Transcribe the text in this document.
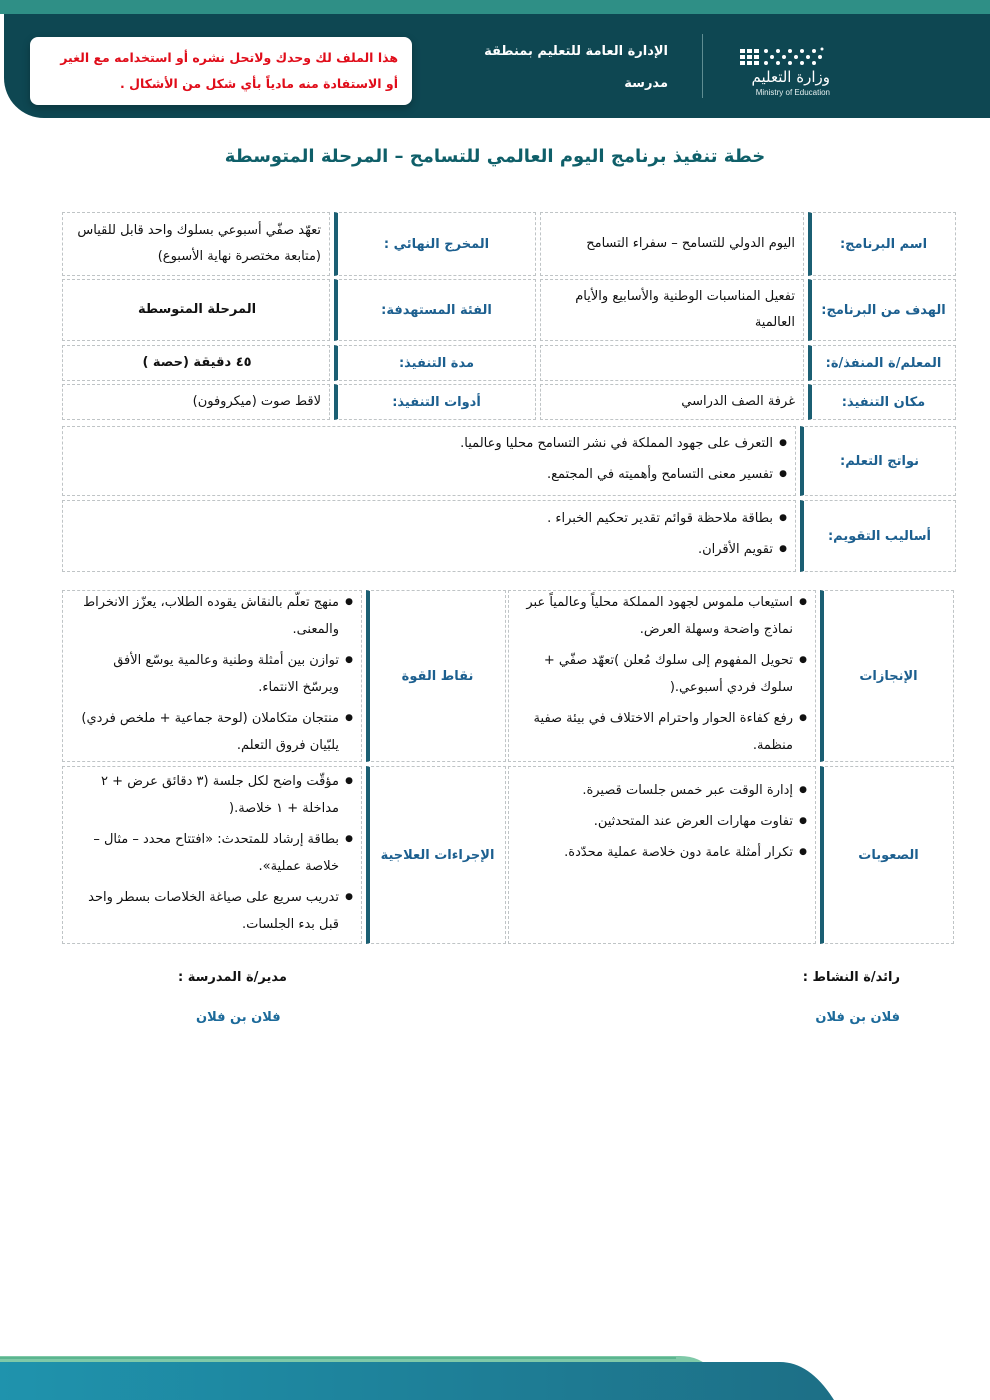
وزارة التعليم
Ministry of Education
الإدارة العامة للتعليم بمنطقة
مدرسة
هذا الملف لك وحدك ولاتحل نشره أو استخدامه مع الغير
أو الاستفادة منه مادياً بأي شكل من الأشكال .
خطة تنفيذ برنامج اليوم العالمي للتسامح – المرحلة المتوسطة
اسم البرنامج:
اليوم الدولي للتسامح – سفراء التسامح
المخرج النهائي :
تعهّد صفّي أسبوعي بسلوك واحد قابل للقياس (متابعة مختصرة نهاية الأسبوع)
الهدف من البرنامج:
تفعيل المناسبات الوطنية والأسابيع والأيام العالمية
الفئة المستهدفة:
المرحلة المتوسطة
المعلم/ة المنفذ/ة:
مدة التنفيذ:
٤٥ دقيقة (حصة )
مكان التنفيذ:
غرفة الصف الدراسي
أدوات التنفيذ:
لاقط صوت (ميكروفون)
نواتج التعلم:
● التعرف على جهود المملكة في نشر التسامح محليا وعالميا.
● تفسير معنى التسامح وأهميته في المجتمع.
أساليب التقويم:
● بطاقة ملاحظة قوائم تقدير تحكيم الخبراء .
● تقويم الأقران.
الإنجازات
● استيعاب ملموس لجهود المملكة محلياً وعالمياً عبر نماذج واضحة وسهلة العرض.
● تحويل المفهوم إلى سلوك مُعلن )تعهّد صفّي + سلوك فردي أسبوعي.(
● رفع كفاءة الحوار واحترام الاختلاف في بيئة صفية منظمة.
نقاط القوة
● منهج تعلّم بالنقاش يقوده الطلاب، يعزّز الانخراط والمعنى.
● توازن بين أمثلة وطنية وعالمية يوسّع الأفق ويرسّخ الانتماء.
● منتجان متكاملان (لوحة جماعية + ملخص فردي) يلبّيان فروق التعلم.
الصعوبات
● إدارة الوقت عبر خمس جلسات قصيرة.
● تفاوت مهارات العرض عند المتحدثين.
● تكرار أمثلة عامة دون خلاصة عملية محدّدة.
الإجراءات العلاجية
● مؤقّت واضح لكل جلسة (٣ دقائق عرض + ٢ مداخلة + ١ خلاصة.(
● بطاقة إرشاد للمتحدث: «افتتاح محدد – مثال – خلاصة عملية».
● تدريب سريع على صياغة الخلاصات بسطر واحد قبل بدء الجلسات.
رائد/ة النشاط :
فلان بن فلان
مدير/ة المدرسة :
فلان بن فلان
